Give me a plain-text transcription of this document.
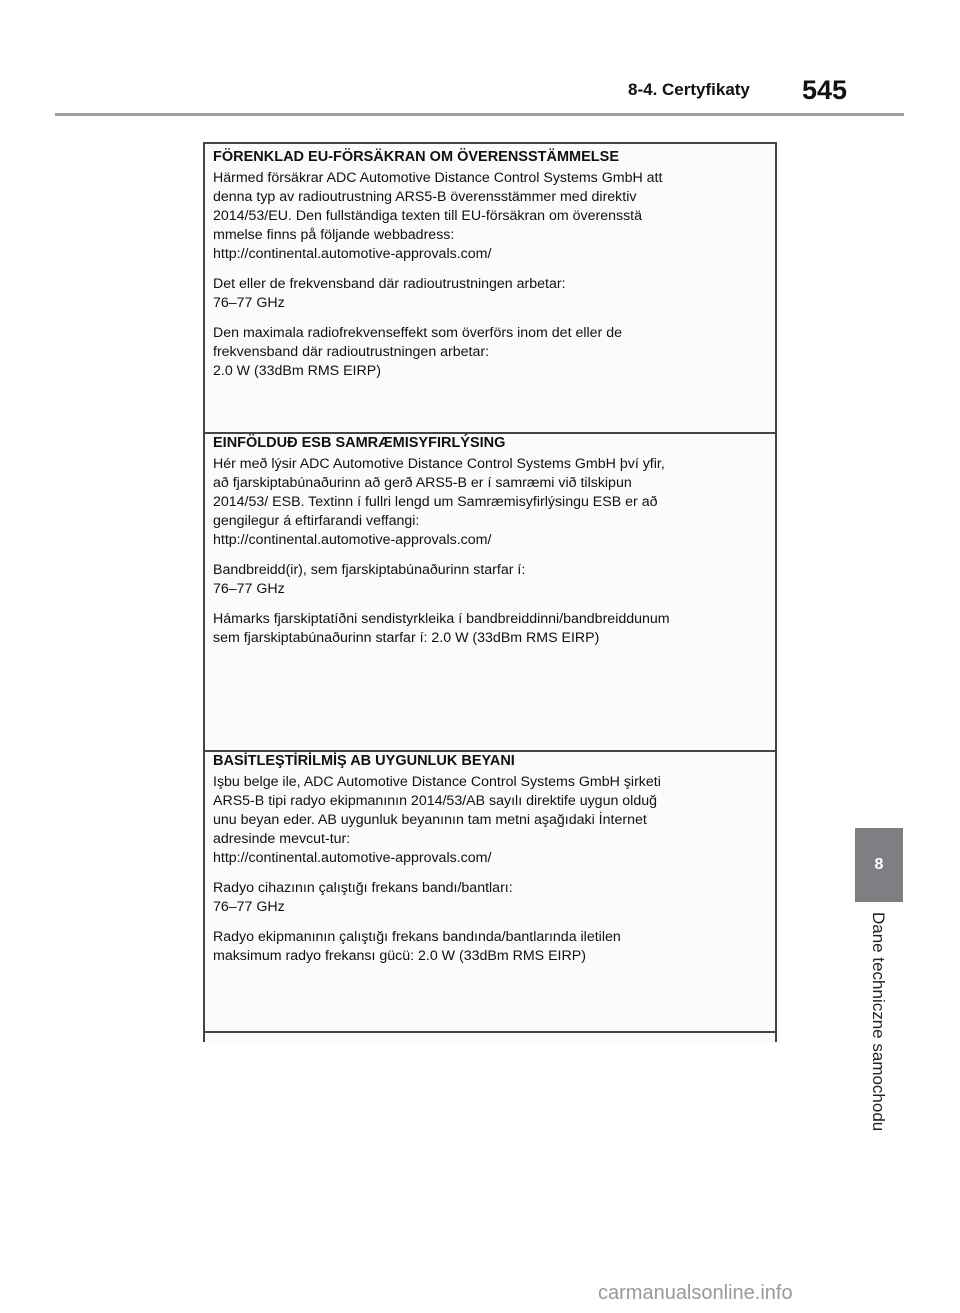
8-4. Certyfikaty 545

FÖRENKLAD EU-FÖRSÄKRAN OM ÖVERENSSTÄMMELSE

Härmed försäkrar ADC Automotive Distance Control Systems GmbH att
denna typ av radioutrustning ARS5-B överensstämmer med direktiv
2014/53/EU. Den fullständiga texten till EU-försäkran om överensstä
mmelse finns på följande webbadress:
http://continental.automotive-approvals.com/

Det eller de frekvensband där radioutrustningen arbetar:
76–77 GHz

Den maximala radiofrekvenseffekt som överförs inom det eller de
frekvensband där radioutrustningen arbetar:
2.0 W (33dBm RMS EIRP)

EINFÖLDUÐ ESB SAMRÆMISYFIRLÝSING

Hér með lýsir ADC Automotive Distance Control Systems GmbH því yfir,
að fjarskiptabúnaðurinn að gerð ARS5-B er í samræmi við tilskipun
2014/53/ ESB. Textinn í fullri lengd um Samræmisyfirlýsingu ESB er að
gengilegur á eftirfarandi veffangi:
http://continental.automotive-approvals.com/

Bandbreidd(ir), sem fjarskiptabúnaðurinn starfar í:
76–77 GHz

Hámarks fjarskiptatíðni sendistyrkleika í bandbreiddinni/bandbreiddunum
sem fjarskiptabúnaðurinn starfar í: 2.0 W (33dBm RMS EIRP)

BASİTLEŞTİRİLMİŞ AB UYGUNLUK BEYANI

Işbu belge ile, ADC Automotive Distance Control Systems GmbH şirketi
ARS5-B tipi radyo ekipmanının 2014/53/AB sayılı direktife uygun olduğ
unu beyan eder. AB uygunluk beyanının tam metni aşağıdaki İnternet
adresinde mevcut-tur:
http://continental.automotive-approvals.com/

Radyo cihazının çalıştığı frekans bandı/bantları:
76–77 GHz

Radyo ekipmanının çalıştığı frekans bandında/bantlarında iletilen
maksimum radyo frekansı gücü: 2.0 W (33dBm RMS EIRP)

8
Dane techniczne samochodu
carmanualsonline.info
